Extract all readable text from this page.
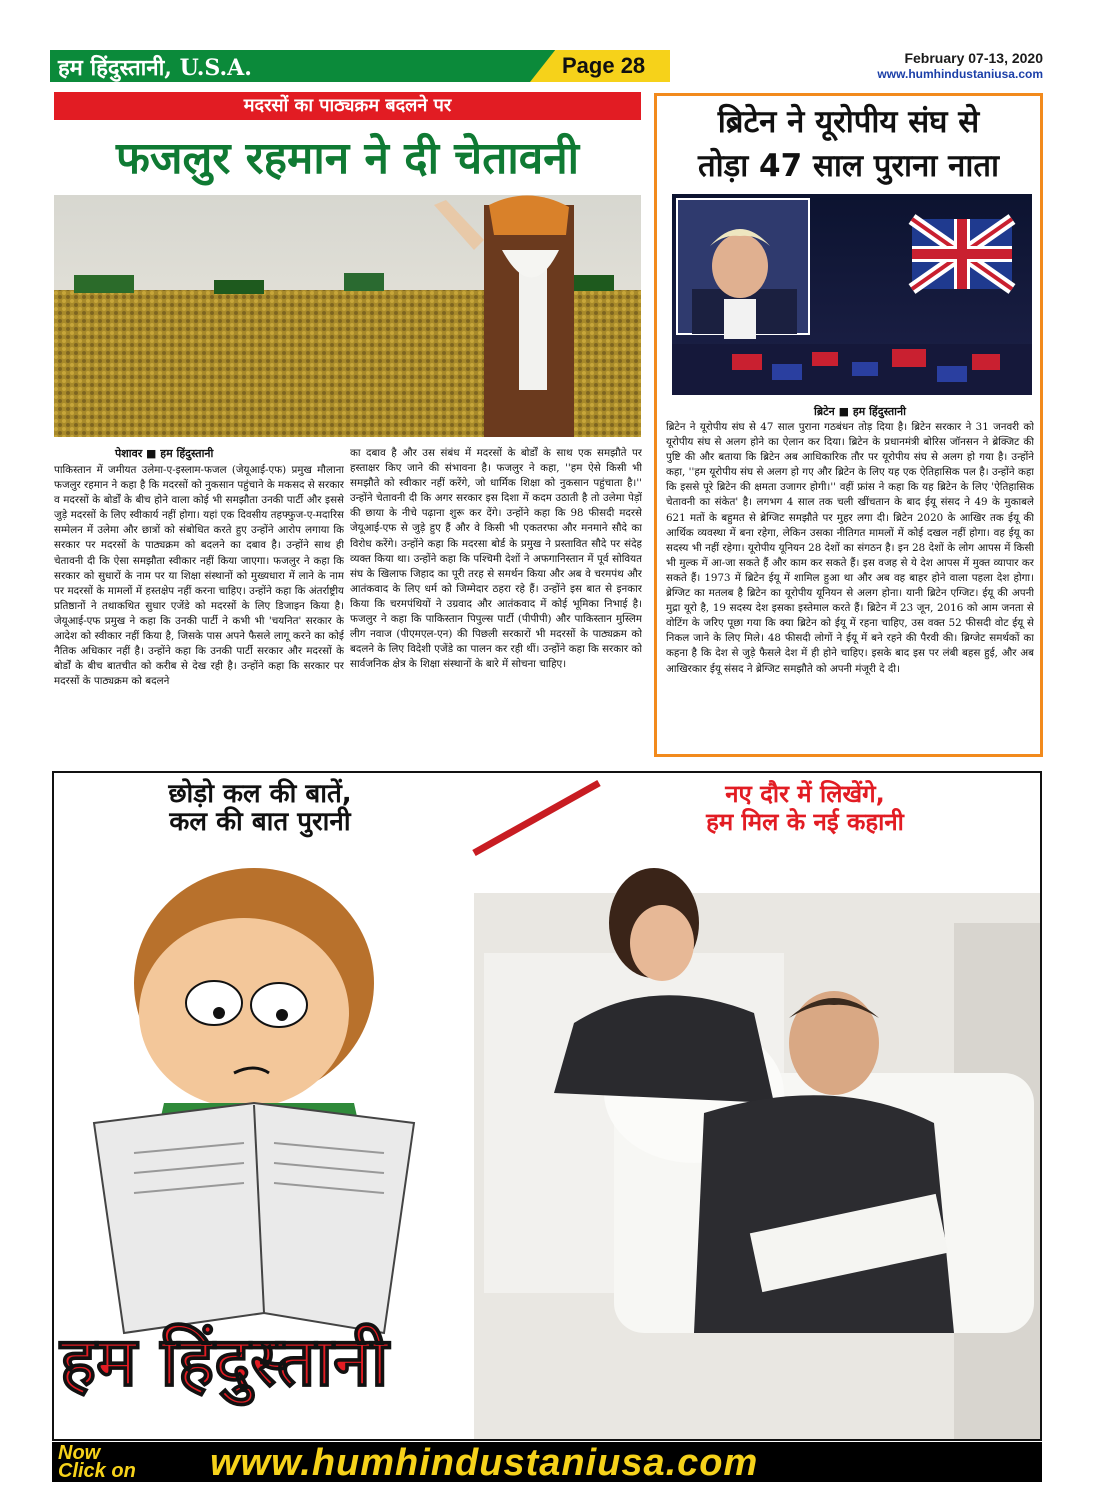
हम हिंदुस्तानी, U.S.A.	Page 28	February 07-13, 2020
www.humhindustaniusa.com
मदरसों का पाठ्यक्रम बदलने पर
फजलुर रहमान ने दी चेतावनी
पेशावर ■ हम हिंदुस्तानी
पाकिस्तान में जमीयत उलेमा-ए-इस्लाम-फजल (जेयूआई-एफ) प्रमुख मौलाना फजलुर रहमान ने कहा है कि मदरसों को नुकसान पहुंचाने के मकसद से सरकार व मदरसों के बोर्डों के बीच होने वाला कोई भी समझौता उनकी पार्टी और इससे जुड़े मदरसों के लिए स्वीकार्य नहीं होगा। यहां एक दिवसीय तहफ्फुज-ए-मदारिस सम्मेलन में उलेमा और छात्रों को संबोधित करते हुए उन्होंने आरोप लगाया कि सरकार पर मदरसों के पाठ्यक्रम को बदलने का दबाव है। उन्होंने साथ ही चेतावनी दी कि ऐसा समझौता स्वीकार नहीं किया जाएगा। फजलुर ने कहा कि सरकार को सुधारों के नाम पर या शिक्षा संस्थानों को मुख्यधारा में लाने के नाम पर मदरसों के मामलों में हस्तक्षेप नहीं करना चाहिए। उन्होंने कहा कि अंतर्राष्ट्रीय प्रतिष्ठानों ने तथाकथित सुधार एजेंडे को मदरसों के लिए डिजाइन किया है। जेयूआई-एफ प्रमुख ने कहा कि उनकी पार्टी ने कभी भी 'चयनित' सरकार के आदेश को स्वीकार नहीं किया है, जिसके पास अपने फैसले लागू करने का कोई नैतिक अधिकार नहीं है। उन्होंने कहा कि उनकी पार्टी सरकार और मदरसों के बोर्डों के बीच बातचीत को करीब से देख रही है। उन्होंने कहा कि सरकार पर मदरसों के पाठ्यक्रम को बदलने
का दबाव है और उस संबंध में मदरसों के बोर्डों के साथ एक समझौते पर हस्ताक्षर किए जाने की संभावना है। फजलुर ने कहा, ''हम ऐसे किसी भी समझौते को स्वीकार नहीं करेंगे, जो धार्मिक शिक्षा को नुकसान पहुंचाता है।'' उन्होंने चेतावनी दी कि अगर सरकार इस दिशा में कदम उठाती है तो उलेमा पेड़ों की छाया के नीचे पढ़ाना शुरू कर देंगे। उन्होंने कहा कि 98 फीसदी मदरसे जेयूआई-एफ से जुड़े हुए हैं और वे किसी भी एकतरफा और मनमाने सौदे का विरोध करेंगे। उन्होंने कहा कि मदरसा बोर्ड के प्रमुख ने प्रस्तावित सौदे पर संदेह व्यक्त किया था। उन्होंने कहा कि पश्चिमी देशों ने अफगानिस्तान में पूर्व सोवियत संघ के खिलाफ जिहाद का पूरी तरह से समर्थन किया और अब वे चरमपंथ और आतंकवाद के लिए धर्म को जिम्मेदार ठहरा रहे हैं। उन्होंने इस बात से इनकार किया कि चरमपंथियों ने उग्रवाद और आतंकवाद में कोई भूमिका निभाई है। फजलुर ने कहा कि पाकिस्तान पिपुल्स पार्टी (पीपीपी) और पाकिस्तान मुस्लिम लीग नवाज (पीएमएल-एन) की पिछली सरकारों भी मदरसों के पाठ्यक्रम को बदलने के लिए विदेशी एजेंडे का पालन कर रही थीं। उन्होंने कहा कि सरकार को सार्वजनिक क्षेत्र के शिक्षा संस्थानों के बारे में सोचना चाहिए।
ब्रिटेन ने यूरोपीय संघ से
तोड़ा 47 साल पुराना नाता
ब्रिटेन ■ हम हिंदुस्तानी
ब्रिटेन ने यूरोपीय संघ से 47 साल पुराना गठबंधन तोड़ दिया है। ब्रिटेन सरकार ने 31 जनवरी को यूरोपीय संघ से अलग होने का ऐलान कर दिया। ब्रिटेन के प्रधानमंत्री बोरिस जॉनसन ने ब्रेक्जिट की पुष्टि की और बताया कि ब्रिटेन अब आधिकारिक तौर पर यूरोपीय संघ से अलग हो गया है। उन्होंने कहा, ''हम यूरोपीय संघ से अलग हो गए और ब्रिटेन के लिए यह एक ऐतिहासिक पल है। उन्होंने कहा कि इससे पूरे ब्रिटेन की क्षमता उजागर होगी।'' वहीं फ्रांस ने कहा कि यह ब्रिटेन के लिए 'ऐतिहासिक चेतावनी का संकेत' है। लगभग 4 साल तक चली खींचतान के बाद ईयू संसद ने 49 के मुकाबले 621 मतों के बहुमत से ब्रेग्जिट समझौते पर मुहर लगा दी। ब्रिटेन 2020 के आखिर तक ईयू की आर्थिक व्यवस्था में बना रहेगा, लेकिन उसका नीतिगत मामलों में कोई दखल नहीं होगा। वह ईयू का सदस्य भी नहीं रहेगा। यूरोपीय यूनियन 28 देशों का संगठन है। इन 28 देशों के लोग आपस में किसी भी मुल्क में आ-जा सकते हैं और काम कर सकते हैं। इस वजह से ये देश आपस में मुक्त व्यापार कर सकते हैं। 1973 में ब्रिटेन ईयू में शामिल हुआ था और अब वह बाहर होने वाला पहला देश होगा। ब्रेग्जिट का मतलब है ब्रिटेन का यूरोपीय यूनियन से अलग होना। यानी ब्रिटेन एग्जिट। ईयू की अपनी मुद्रा यूरो है, 19 सदस्य देश इसका इस्तेमाल करते हैं। ब्रिटेन में 23 जून, 2016 को आम जनता से वोटिंग के जरिए पूछा गया कि क्या ब्रिटेन को ईयू में रहना चाहिए, उस वक्त 52 फीसदी वोट ईयू से निकल जाने के लिए मिले। 48 फीसदी लोगों ने ईयू में बने रहने की पैरवी की। ब्रिग्जेट समर्थकों का कहना है कि देश से जुड़े फैसले देश में ही होने चाहिए। इसके बाद इस पर लंबी बहस हुई, और अब आखिरकार ईयू संसद ने ब्रेग्जिट समझौते को अपनी मंजूरी दे दी।
छोड़ो कल की बातें,
कल की बात पुरानी
नए दौर में लिखेंगे,
हम मिल के नई कहानी
हम हिंदुस्तानी
Now
Click on www.humhindustaniusa.com
